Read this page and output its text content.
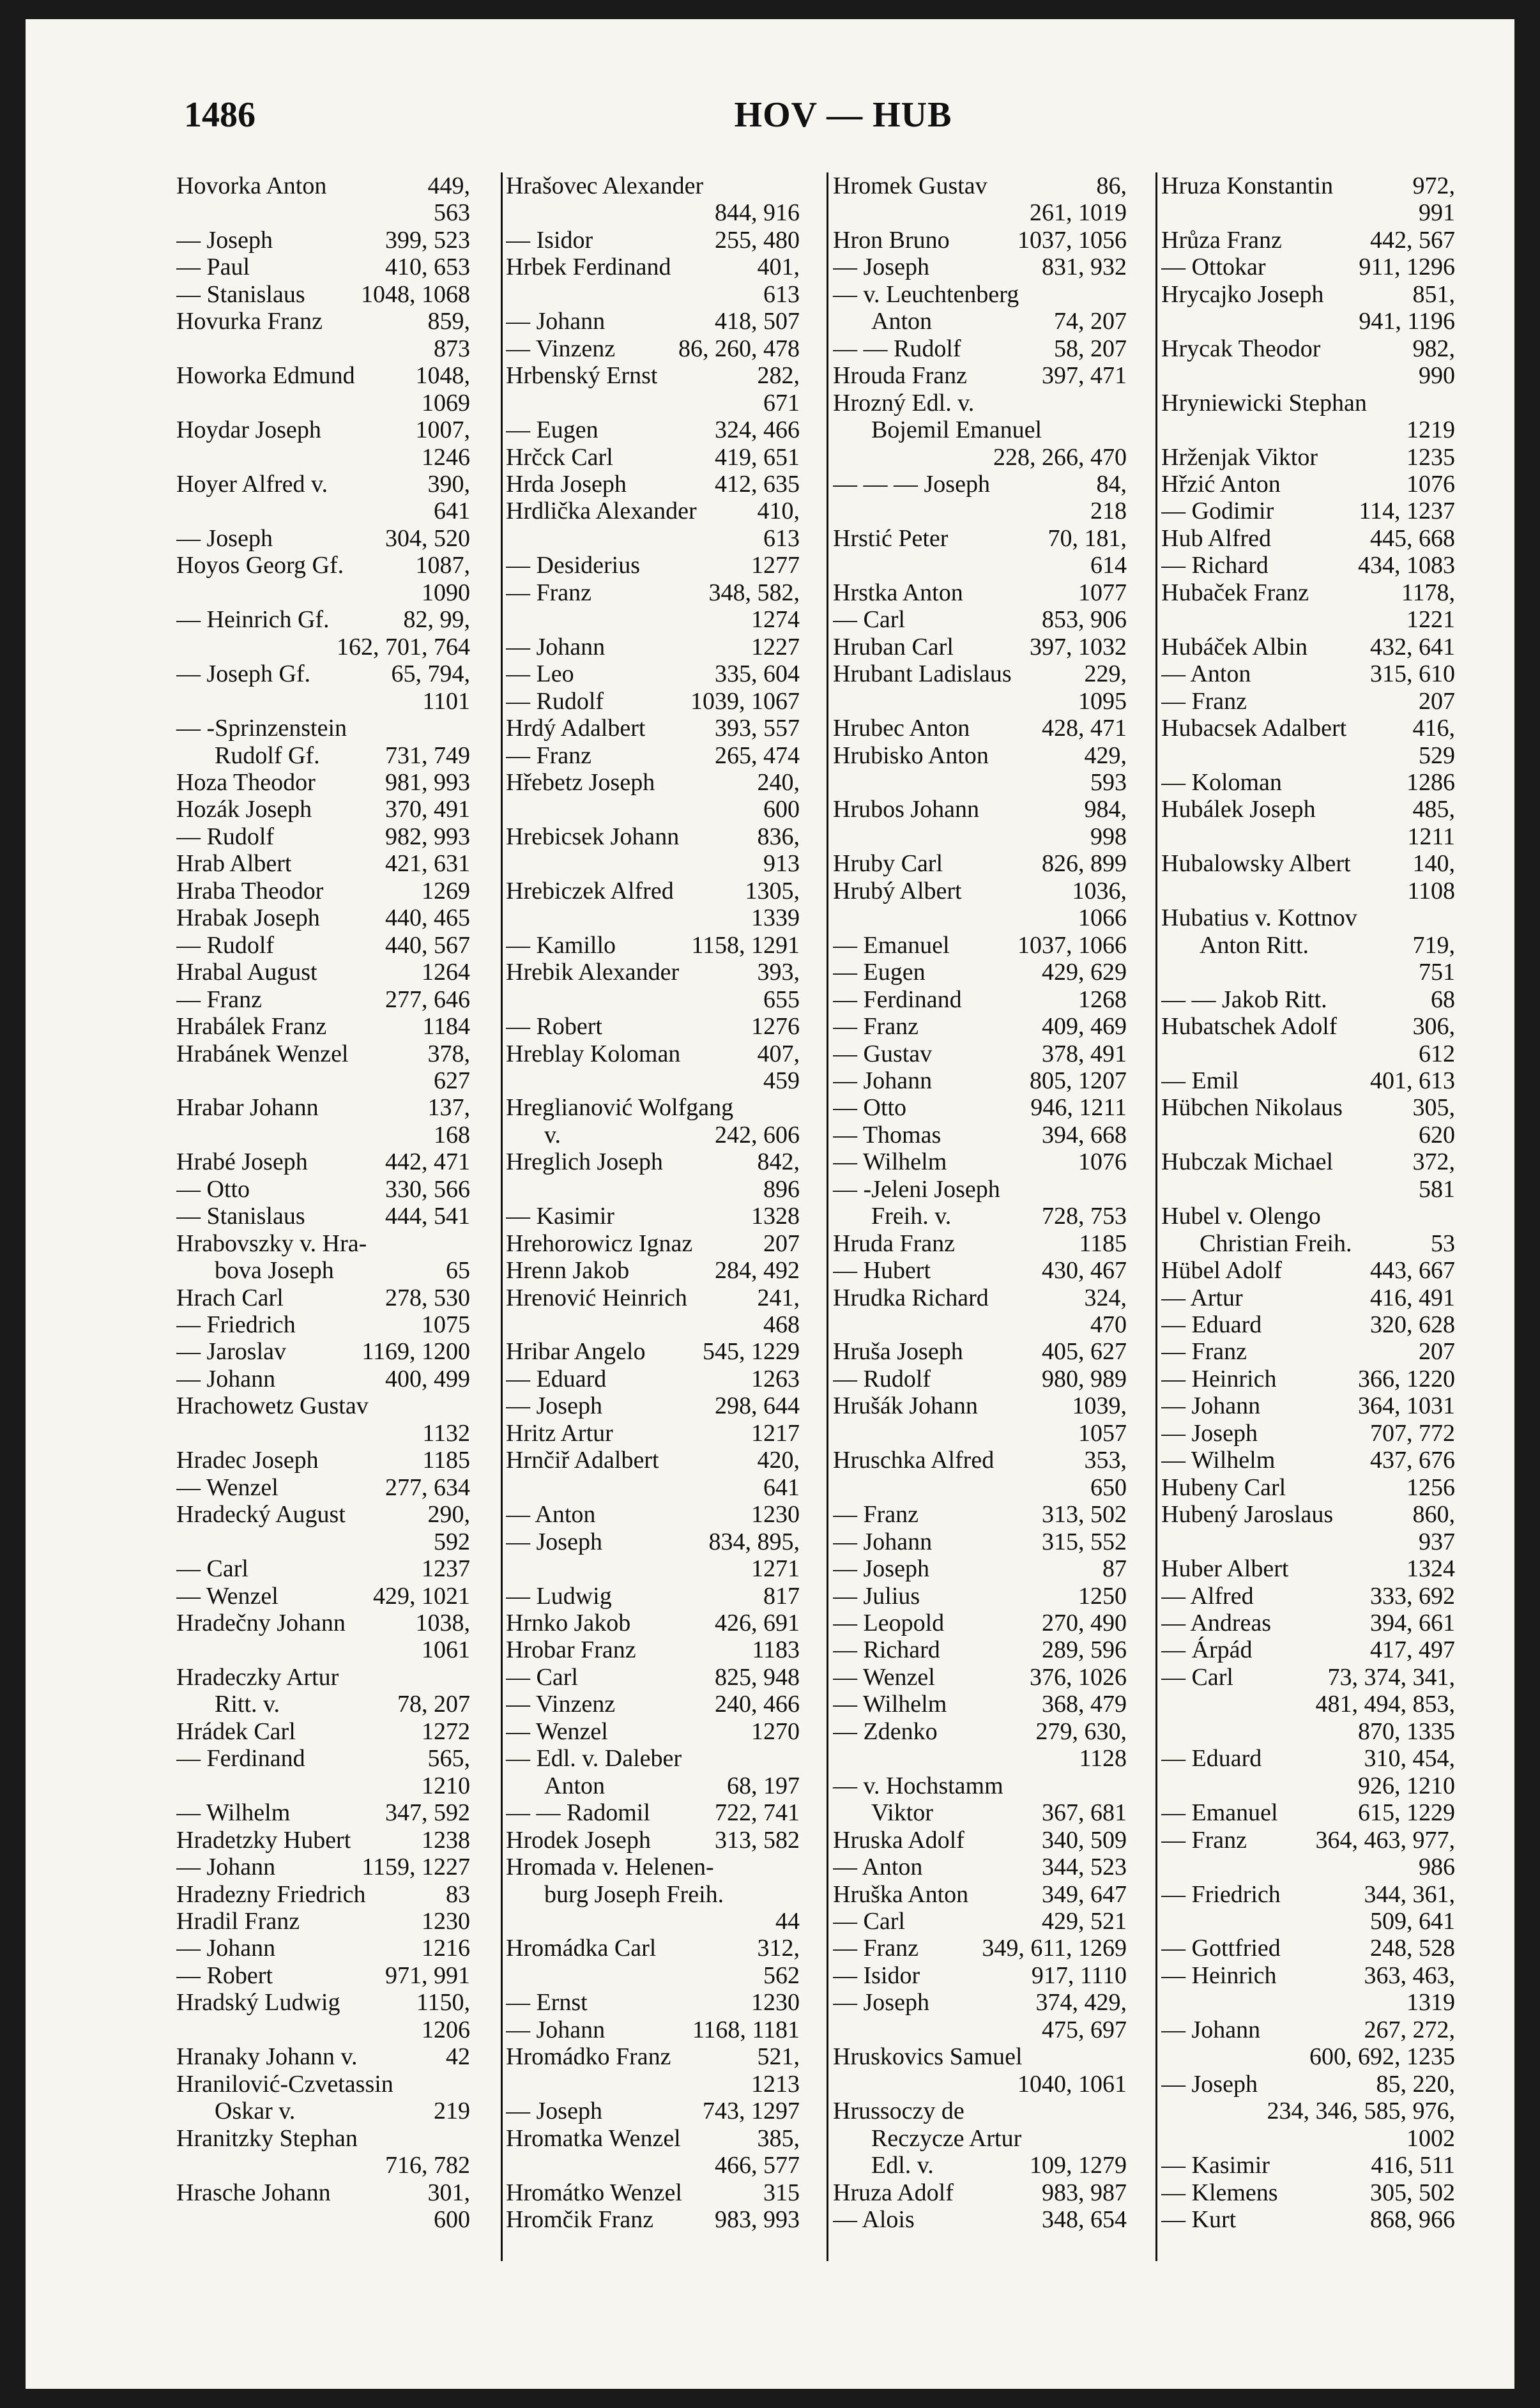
1486	HOV — HUB
Hovorka Anton	449,
563
— Joseph	399, 523
— Paul	410, 653
— Stanislaus 1048, 1068
Hovurka Franz	859,
873
Howorka Edmund 1048,
1069
Hoydar Joseph	1007,
1246
Hoyer Alfred v.	390,
641
— Joseph	304, 520
Hoyos Georg Gf.	1087,
1090
— Heinrich Gf.	82, 99,
162, 701, 764
— Joseph Gf.	65, 794,
1101
— -Sprinzenstein
Rudolf Gf.	731, 749
Hoza Theodor	981, 993
Hozák Joseph	370, 491
— Rudolf	982, 993
Hrab Albert	421, 631
Hraba Theodor	1269
Hrabak Joseph	440, 465
— Rudolf	440, 567
Hrabal August	1264
— Franz	277, 646
Hrabálek Franz	1184
Hrabánek Wenzel	378,
627
Hrabar Johann	137,
168
Hrabé Joseph	442, 471
— Otto	330, 566
— Stanislaus	444, 541
Hrabovszky v. Hra-
bova Joseph	65
Hrach Carl	278, 530
— Friedrich	1075
— Jaroslav	1169, 1200
— Johann	400, 499
Hrachowetz Gustav
1132
Hradec Joseph	1185
— Wenzel	277, 634
Hradecký August	290,
592
— Carl	1237
— Wenzel	429, 1021
Hradečny Johann	1038,
1061
Hradeczky Artur
Ritt. v.	78, 207
Hrádek Carl	1272
— Ferdinand	565,
1210
— Wilhelm	347, 592
Hradetzky Hubert	1238
— Johann	1159, 1227
Hradezny Friedrich	83
Hradil Franz	1230
— Johann	1216
— Robert	971, 991
Hradský Ludwig	1150,
1206
Hranaky Johann v.	42
Hranilović-Czvetassin
Oskar v.	219
Hranitzky Stephan
716, 782
Hrasche Johann	301,
600
Hrašovec Alexander
844, 916
— Isidor	255, 480
Hrbek Ferdinand	401,
613
— Johann	418, 507
— Vinzenz	86, 260, 478
Hrbenský Ernst	282,
671
— Eugen	324, 466
Hrčck Carl	419, 651
Hrda Joseph	412, 635
Hrdlička Alexander 410,
613
— Desiderius	1277
— Franz	348, 582,
1274
— Johann	1227
— Leo	335, 604
— Rudolf	1039, 1067
Hrdý Adalbert	393, 557
— Franz	265, 474
Hřebetz Joseph	240,
600
Hrebicsek Johann	836,
913
Hrebiczek Alfred	1305,
1339
— Kamillo	1158, 1291
Hrebik Alexander	393,
655
— Robert	1276
Hreblay Koloman	407,
459
Hreglianović Wolfgang
v.	242, 606
Hreglich Joseph	842,
896
— Kasimir	1328
Hrehorowicz Ignaz	207
Hrenn Jakob	284, 492
Hrenović Heinrich	241,
468
Hribar Angelo 545, 1229
— Eduard	1263
— Joseph	298, 644
Hritz Artur	1217
Hrnčiř Adalbert	420,
641
— Anton	1230
— Joseph	834, 895,
1271
— Ludwig	817
Hrnko Jakob	426, 691
Hrobar Franz	1183
— Carl	825, 948
— Vinzenz	240, 466
— Wenzel	1270
— Edl. v. Daleber
Anton	68, 197
— — Radomil	722, 741
Hrodek Joseph	313, 582
Hromada v. Helenen-
burg Joseph Freih.
44
Hromádka Carl	312,
562
— Ernst	1230
— Johann	1168, 1181
Hromádko Franz	521,
1213
— Joseph	743, 1297
Hromatka Wenzel	385,
466, 577
Hromátko Wenzel	315
Hromčik Franz	983, 993
Hromek Gustav	86,
261, 1019
Hron Bruno	1037, 1056
— Joseph	831, 932
— v. Leuchtenberg
Anton	74, 207
— — Rudolf	58, 207
Hrouda Franz	397, 471
Hrozný Edl. v.
Bojemil Emanuel
228, 266, 470
— — — Joseph	84,
218
Hrstić Peter	70, 181,
614
Hrstka Anton	1077
— Carl	853, 906
Hruban Carl	397, 1032
Hrubant Ladislaus	229,
1095
Hrubec Anton	428, 471
Hrubisko Anton	429,
593
Hrubos Johann	984,
998
Hruby Carl	826, 899
Hrubý Albert	1036,
1066
— Emanuel	1037, 1066
— Eugen	429, 629
— Ferdinand	1268
— Franz	409, 469
— Gustav	378, 491
— Johann	805, 1207
— Otto	946, 1211
— Thomas	394, 668
— Wilhelm	1076
— -Jeleni Joseph
Freih. v.	728, 753
Hruda Franz	1185
— Hubert	430, 467
Hrudka Richard	324,
470
Hruša Joseph	405, 627
— Rudolf	980, 989
Hrušák Johann	1039,
1057
Hruschka Alfred	353,
650
— Franz	313, 502
— Johann	315, 552
— Joseph	87
— Julius	1250
— Leopold	270, 490
— Richard	289, 596
— Wenzel	376, 1026
— Wilhelm	368, 479
— Zdenko	279, 630,
1128
— v. Hochstamm
Viktor	367, 681
Hruska Adolf	340, 509
— Anton	344, 523
Hruška Anton	349, 647
— Carl	429, 521
— Franz	349, 611, 1269
— Isidor	917, 1110
— Joseph	374, 429,
475, 697
Hruskovics Samuel
1040, 1061
Hrussoczy de
Reczycze Artur
Edl. v.	109, 1279
Hruza Adolf	983, 987
— Alois	348, 654
Hruza Konstantin	972,
991
Hrůza Franz	442, 567
— Ottokar	911, 1296
Hrycajko Joseph	851,
941, 1196
Hrycak Theodor	982,
990
Hryniewicki Stephan
1219
Hrženjak Viktor	1235
Hřzić Anton	1076
— Godimir	114, 1237
Hub Alfred	445, 668
— Richard	434, 1083
Hubaček Franz	1178,
1221
Hubáček Albin	432, 641
— Anton	315, 610
— Franz	207
Hubacsek Adalbert	416,
529
— Koloman	1286
Hubálek Joseph	485,
1211
Hubalowsky Albert	140,
1108
Hubatius v. Kottnov
Anton Ritt.	719,
751
— — Jakob Ritt.	68
Hubatschek Adolf	306,
612
— Emil	401, 613
Hübchen Nikolaus	305,
620
Hubczak Michael	372,
581
Hubel v. Olengo
Christian Freih.	53
Hübel Adolf	443, 667
— Artur	416, 491
— Eduard	320, 628
— Franz	207
— Heinrich	366, 1220
— Johann	364, 1031
— Joseph	707, 772
— Wilhelm	437, 676
Hubeny Carl	1256
Hubený Jaroslaus	860,
937
Huber Albert	1324
— Alfred	333, 692
— Andreas	394, 661
— Árpád	417, 497
— Carl	73, 374, 341,
481, 494, 853,
870, 1335
— Eduard	310, 454,
926, 1210
— Emanuel	615, 1229
— Franz	364, 463, 977,
986
— Friedrich	344, 361,
509, 641
— Gottfried	248, 528
— Heinrich	363, 463,
1319
— Johann	267, 272,
600, 692, 1235
— Joseph	85, 220,
234, 346, 585, 976,
1002
— Kasimir	416, 511
— Klemens	305, 502
— Kurt	868, 966
